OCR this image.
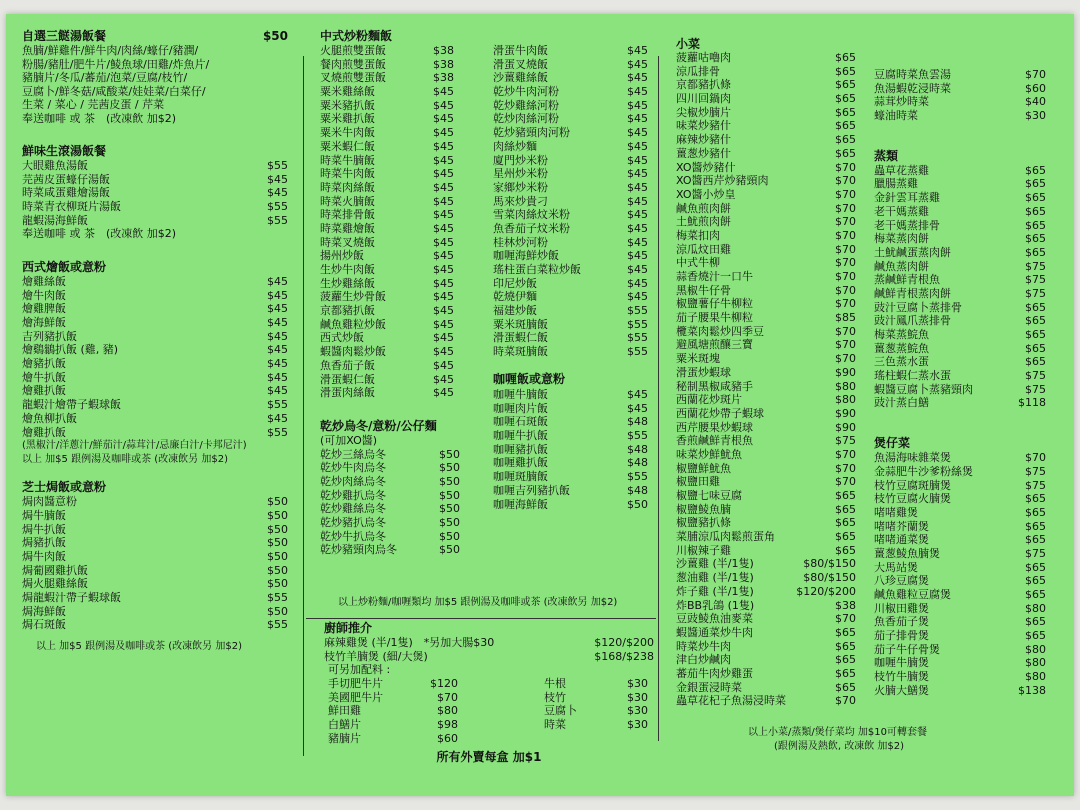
自選三餸湯飯餐	$50
魚腩/鮮雞件/鮮牛肉/肉絲/蠔仔/豬潤/
粉腸/豬肚/肥牛片/鯪魚球/田雞/炸魚片/
豬腩片/冬瓜/蕃茄/泡菜/豆腐/枝竹/
豆腐卜/鮮冬菇/咸酸菜/娃娃菜/白菜仔/
生菜 / 菜心 / 芫茜皮蛋 / 芹菜
奉送咖啡 或 茶　(改凍飲 加$2)
鮮味生滾湯飯餐
大眼雞魚湯飯	$55
芫茜皮蛋蠔仔湯飯	$45
時菜咸蛋雞燴湯飯	$45
時菜青衣柳斑片湯飯	$55
龍蝦湯海鮮飯	$55
奉送咖啡 或 茶　(改凍飲 加$2)
西式燴飯或意粉
燴雞絲飯	$45
燴牛肉飯	$45
燴雞脾飯	$45
燴海鮮飯	$45
吉列豬扒飯	$45
燴鷄鶲扒飯 (雞, 豬)	$45
燴豬扒飯	$45
燴牛扒飯	$45
燴雞扒飯	$45
龍蝦汁燴帶子蝦球飯	$55
燴魚柳扒飯	$45
燴雞扒飯	$55
(黑椒汁/洋蔥汁/鮮茄汁/蒜茸汁/忌廉白汁/卡邦尼汁)
以上 加$5 跟例湯及咖啡或茶 (改凍飲另 加$2)
芝士焗飯或意粉
焗肉醬意粉	$50
焗牛腩飯	$50
焗牛扒飯	$50
焗豬扒飯	$50
焗牛肉飯	$50
焗葡國雞扒飯	$50
焗火腿雞絲飯	$50
焗龍蝦汁帶子蝦球飯	$55
焗海鮮飯	$50
焗石斑飯	$55
以上 加$5 跟例湯及咖啡或茶 (改凍飲另 加$2)
中式炒粉麵飯
火腿煎雙蛋飯	$38
餐肉煎雙蛋飯	$38
叉燒煎雙蛋飯	$38
粟米雞絲飯	$45
粟米豬扒飯	$45
粟米雞扒飯	$45
粟米牛肉飯	$45
粟米蝦仁飯	$45
時菜牛腩飯	$45
時菜牛肉飯	$45
時菜肉絲飯	$45
時菜火腩飯	$45
時菜排骨飯	$45
時菜雞燴飯	$45
時菜叉燒飯	$45
揚州炒飯	$45
生炒牛肉飯	$45
生炒雞絲飯	$45
菠蘿生炒骨飯	$45
京都豬扒飯	$45
鹹魚雞粒炒飯	$45
西式炒飯	$45
蝦醬肉鬆炒飯	$45
魚香茄子飯	$45
滑蛋蝦仁飯	$45
滑蛋肉絲飯	$45
滑蛋牛肉飯	$45
滑蛋叉燒飯	$45
沙薑雞絲飯	$45
乾炒牛肉河粉	$45
乾炒雞絲河粉	$45
乾炒肉絲河粉	$45
乾炒豬頸肉河粉	$45
肉絲炒麵	$45
廈門炒米粉	$45
星州炒米粉	$45
家鄉炒米粉	$45
馬來炒貴刁	$45
雪菜肉絲炆米粉	$45
魚香茄子炆米粉	$45
桂林炒河粉	$45
咖喱海鮮炒飯	$45
瑤柱蛋白菜粒炒飯	$45
印尼炒飯	$45
乾燒伊麵	$45
福建炒飯	$55
粟米斑腩飯	$55
滑蛋蝦仁飯	$55
時菜斑腩飯	$55
咖喱飯或意粉
乾炒烏冬/意粉/公仔麵
(可加XO醬)
乾炒三絲烏冬	$50
乾炒牛肉烏冬	$50
乾炒肉絲烏冬	$50
乾炒雞扒烏冬	$50
乾炒雞絲烏冬	$50
乾炒豬扒烏冬	$50
乾炒牛扒烏冬	$50
乾炒豬頸肉烏冬	$50
咖喱牛腩飯	$45
咖喱肉片飯	$45
咖喱石斑飯	$48
咖喱牛扒飯	$55
咖喱豬扒飯	$48
咖喱雞扒飯	$48
咖喱斑腩飯	$55
咖喱吉列豬扒飯	$48
咖喱海鮮飯	$50
以上炒粉麵/咖喱類均 加$5 跟例湯及咖啡或茶 (改凍飲另 加$2)
廚師推介
麻辣雞煲 (半/1隻)　*另加大腸$30	$120/$200
枝竹羊腩煲 (細/大煲)	$168/$238
可另加配料 :
手切肥牛片	$120
美國肥牛片	$70
鮮田雞	$80
白鱔片	$98
豬腩片	$60
牛根	$30
枝竹	$30
豆腐卜	$30
時菜	$30
所有外賣每盒 加$1
小菜
菠蘿咕嚕肉	$65
涼瓜排骨	$65
京都豬扒條	$65
四川回鍋肉	$65
尖椒炒腩片	$65
味菜炒豬什	$65
麻辣炒豬什	$65
薑葱炒豬什	$65
XO醬炒豬什	$70
XO醬西芹炒豬頸肉	$70
XO醬小炒皇	$70
鹹魚煎肉餅	$70
土魷煎肉餅	$70
梅菜扣肉	$70
涼瓜炆田雞	$70
中式牛柳	$70
蒜香燒汁一口牛	$70
黑椒牛仔骨	$70
椒鹽薯仔牛柳粒	$70
茄子腰果牛柳粒	$85
欖菜肉鬆炒四季豆	$70
避風塘煎釀三寶	$70
粟米斑塊	$70
滑蛋炒蝦球	$90
秘制黑椒咸豬手	$80
西蘭花炒斑片	$80
西蘭花炒帶子蝦球	$90
西芹腰果炒蝦球	$90
香煎鹹鮮青根魚	$75
味菜炒鮮魷魚	$70
椒鹽鮮魷魚	$70
椒鹽田雞	$70
椒鹽七味豆腐	$65
椒鹽鯪魚腩	$65
椒鹽豬扒條	$65
菜脯涼瓜肉鬆煎蛋角	$65
川椒辣子雞	$65
沙薑雞 (半/1隻)	$80/$150
葱油雞 (半/1隻)	$80/$150
炸子雞 (半/1隻)	$120/$200
炸BB乳鴿 (1隻)	$38
豆豉鯪魚油麥菜	$70
蝦醬通菜炒牛肉	$65
時菜炒牛肉	$65
津白炒鹹肉	$65
蕃茄牛肉炒雞蛋	$65
金銀蛋浸時菜	$65
蟲草花杞子魚湯浸時菜	$70
豆腐時菜魚雲湯	$70
魚湯蝦乾浸時菜	$60
蒜茸炒時菜	$40
蠔油時菜	$30
蒸類
蟲草花蒸雞	$65
臘腸蒸雞	$65
金針雲耳蒸雞	$65
老干媽蒸雞	$65
老干媽蒸排骨	$65
梅菜蒸肉餅	$65
土魷鹹蛋蒸肉餅	$65
鹹魚蒸肉餅	$75
蒸鹹鮮青根魚	$75
鹹鮮青根蒸肉餅	$75
豉汁豆腐卜蒸排骨	$65
豉汁鳳爪蒸排骨	$65
梅菜蒸鯇魚	$65
薑葱蒸鯇魚	$65
三色蒸水蛋	$65
瑤柱蝦仁蒸水蛋	$75
蝦醬豆腐卜蒸豬頸肉	$75
豉汁蒸白鱔	$118
煲仔菜
魚湯海味雜菜煲	$70
金蒜肥牛沙爹粉絲煲	$75
枝竹豆腐斑腩煲	$75
枝竹豆腐火腩煲	$65
啫啫雞煲	$65
啫啫芥蘭煲	$65
啫啫通菜煲	$65
薑葱鯪魚腩煲	$75
大馬站煲	$65
八珍豆腐煲	$65
鹹魚雞粒豆腐煲	$65
川椒田雞煲	$80
魚香茄子煲	$65
茄子排骨煲	$65
茄子牛仔骨煲	$80
咖喱牛腩煲	$80
枝竹牛腩煲	$80
火腩大鱔煲	$138
以上小菜/蒸類/煲仔菜均 加$10可轉套餐
(跟例湯及熱飲, 改凍飲 加$2)
